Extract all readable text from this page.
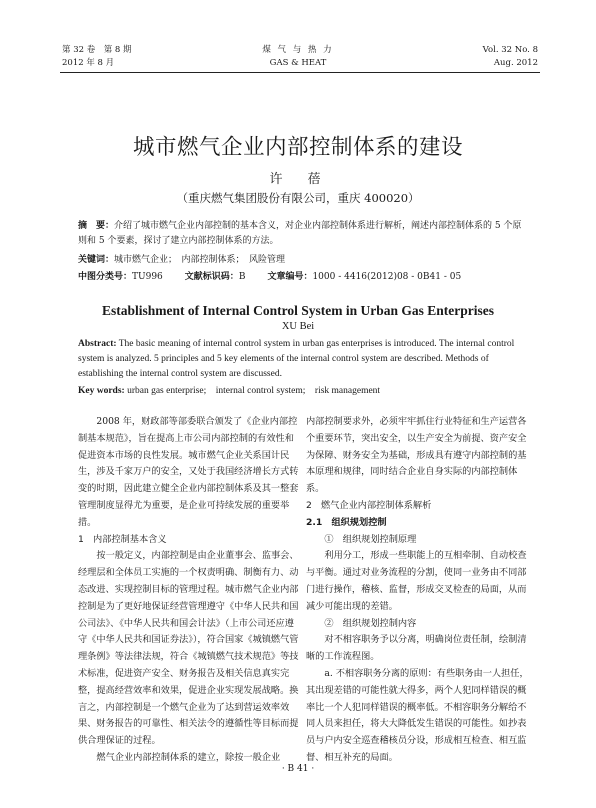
第 32 卷　第 8 期
2012 年 8 月
煤 气 与 热 力
GAS & HEAT
Vol. 32 No. 8
Aug. 2012
城市燃气企业内部控制体系的建设
许　蓓
（重庆燃气集团股份有限公司，重庆 400020）
摘　要：介绍了城市燃气企业内部控制的基本含义，对企业内部控制体系进行解析，阐述内部控制体系的 5 个原则和 5 个要素，探讨了建立内部控制体系的方法。
关键词：城市燃气企业；　内部控制体系；　风险管理
中图分类号：TU996 文献标识码：B 文章编号：1000 - 4416(2012)08 - 0B41 - 05
Establishment of Internal Control System in Urban Gas Enterprises
XU Bei
Abstract: The basic meaning of internal control system in urban gas enterprises is introduced. The internal control system is analyzed. 5 principles and 5 key elements of the internal control system are described. Methods of establishing the internal control system are discussed.
Key words: urban gas enterprise;　internal control system;　risk management

2008 年，财政部等部委联合颁发了《企业内部控制基本规范》，旨在提高上市公司内部控制的有效性和促进资本市场的良性发展。城市燃气企业关系国计民生，涉及千家万户的安全，又处于我国经济增长方式转变的时期，因此建立健全企业内部控制体系及其一整套管理制度显得尤为重要，是企业可持续发展的重要举措。

1　内部控制基本含义

按一般定义，内部控制是由企业董事会、监事会、经理层和全体员工实施的一个权责明确、制衡有力、动态改进、实现控制目标的管理过程。城市燃气企业内部控制是为了更好地保证经营管理遵守《中华人民共和国公司法》、《中华人民共和国会计法》（上市公司还应遵守《中华人民共和国证券法》），符合国家《城镇燃气管理条例》等法律法规，符合《城镇燃气技术规范》等技术标准，促进资产安全、财务报告及相关信息真实完整，提高经营效率和效果，促进企业实现发展战略。换言之，内部控制是一个燃气企业为了达到营运效率效果、财务报告的可靠性、相关法令的遵循性等目标而提供合理保证的过程。

燃气企业内部控制体系的建立，除按一般企业

内部控制要求外，必须牢牢抓住行业特征和生产运营各个重要环节，突出安全，以生产安全为前提、资产安全为保障、财务安全为基础，形成具有遵守内部控制的基本原理和规律，同时结合企业自身实际的内部控制体系。

2　燃气企业内部控制体系解析

2.1　组织规划控制

①　组织规划控制原理

利用分工，形成一些职能上的互相牵制、自动校查与平衡。通过对业务流程的分割，使同一业务由不同部门进行操作，稽核、监督，形成交叉检查的局面，从而减少可能出现的差错。

②　组织规划控制内容

对不相容职务予以分离，明确岗位责任制，绘制清晰的工作流程图。

a. 不相容职务分离的原则：有些职务由一人担任，其出现差错的可能性就大得多，两个人犯同样错误的概率比一个人犯同样错误的概率低。不相容职务分解给不同人员来担任，将大大降低发生错误的可能性。如抄表员与户内安全巡查稽核员分设，形成相互检查、相互监督、相互补充的局面。

· B 41 ·
